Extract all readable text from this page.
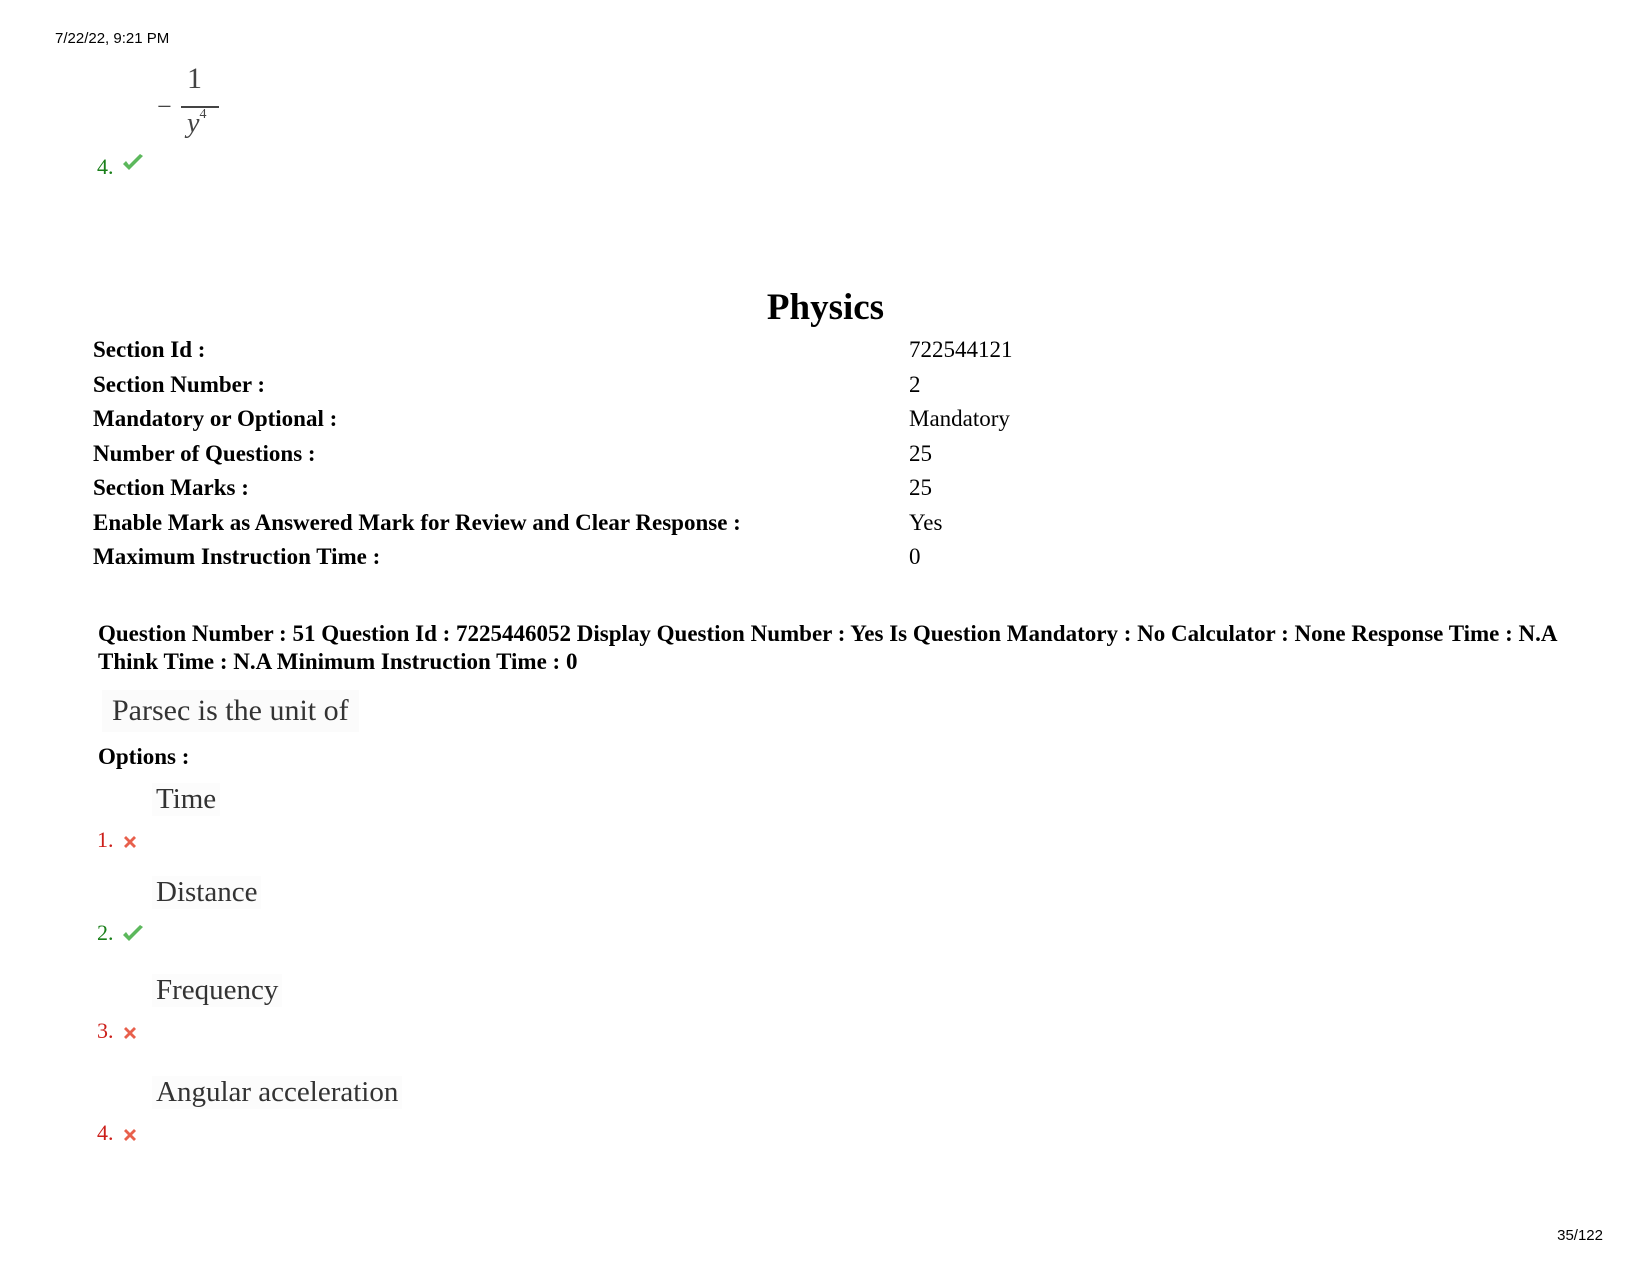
7/22/22, 9:21 PM
−
1
$y^4$
4.
Physics
Section Id :	722544121
Section Number :	2
Mandatory or Optional :	Mandatory
Number of Questions :	25
Section Marks :	25
Enable Mark as Answered Mark for Review and Clear Response :	Yes
Maximum Instruction Time :	0
Question Number : 51 Question Id : 7225446052 Display Question Number : Yes Is Question Mandatory : No Calculator : None Response Time : N.A Think Time : N.A Minimum Instruction Time : 0
Parsec is the unit of
Options :
Time
1.
Distance
2.
Frequency
3.
Angular acceleration
4.
35/122
